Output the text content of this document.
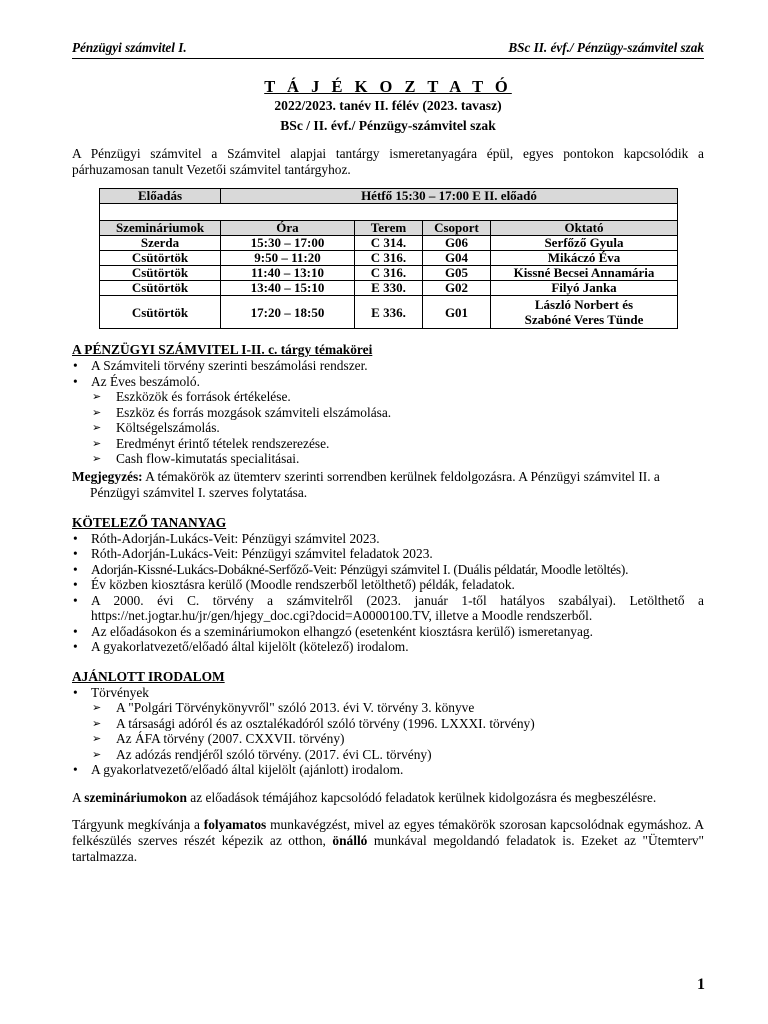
Pénzügyi számvitel I.	BSc II. évf./ Pénzügy-számvitel szak
T Á J É K O Z T A T Ó
2022/2023. tanév II. félév (2023. tavasz)
BSc / II. évf./ Pénzügy-számvitel szak

A Pénzügyi számvitel a Számvitel alapjai tantárgy ismeretanyagára épül, egyes pontokon kapcsolódik a párhuzamosan tanult Vezetői számvitel tantárgyhoz.

Előadás	Hétfő 15:30 – 17:00 E II. előadó			

Szemináriumok	Óra	Terem	Csoport	Oktató
Szerda	15:30 – 17:00	C 314.	G06	Serfőző Gyula
Csütörtök	9:50 – 11:20	C 316.	G04	Mikáczó Éva
Csütörtök	11:40 – 13:10	C 316.	G05	Kissné Becsei Annamária
Csütörtök	13:40 – 15:10	E 330.	G02	Filyó Janka
Csütörtök	17:20 – 18:50	E 336.	G01	László Norbert és
Szabóné Veres Tünde
A PÉNZÜGYI SZÁMVITEL I-II. c. tárgy témakörei
• A Számviteli törvény szerinti beszámolási rendszer.
• Az Éves beszámoló.
➢ Eszközök és források értékelése.
➢ Eszköz és forrás mozgások számviteli elszámolása.
➢ Költségelszámolás.
➢ Eredményt érintő tételek rendszerezése.
➢ Cash flow-kimutatás specialitásai.
Megjegyzés: A témakörök az ütemterv szerinti sorrendben kerülnek feldolgozásra. A Pénzügyi számvitel II. a
Pénzügyi számvitel I. szerves folytatása.
KÖTELEZŐ TANANYAG
• Róth-Adorján-Lukács-Veit: Pénzügyi számvitel 2023.
• Róth-Adorján-Lukács-Veit: Pénzügyi számvitel feladatok 2023.
• Adorján-Kissné-Lukács-Dobákné-Serfőző-Veit: Pénzügyi számvitel I. (Duális példatár, Moodle letöltés).
• Év közben kiosztásra kerülő (Moodle rendszerből letölthető) példák, feladatok.
• A 2000. évi C. törvény a számvitelről (2023. január 1-től hatályos szabályai). Letölthető a https://net.jogtar.hu/jr/gen/hjegy_doc.cgi?docid=A0000100.TV, illetve a Moodle rendszerből.
• Az előadásokon és a szemináriumokon elhangzó (esetenként kiosztásra kerülő) ismeretanyag.
• A gyakorlatvezető/előadó által kijelölt (kötelező) irodalom.
AJÁNLOTT IRODALOM
• Törvények
➢ A "Polgári Törvénykönyvről" szóló 2013. évi V. törvény 3. könyve
➢ A társasági adóról és az osztalékadóról szóló törvény (1996. LXXXI. törvény)
➢ Az ÁFA törvény (2007. CXXVII. törvény)
➢ Az adózás rendjéről szóló törvény. (2017. évi CL. törvény)
• A gyakorlatvezető/előadó által kijelölt (ajánlott) irodalom.

A szemináriumokon az előadások témájához kapcsolódó feladatok kerülnek kidolgozásra és megbeszélésre.

Tárgyunk megkívánja a folyamatos munkavégzést, mivel az egyes témakörök szorosan kapcsolódnak egymáshoz. A felkészülés szerves részét képezik az otthon, önálló munkával megoldandó feladatok is. Ezeket az "Ütemterv" tartalmazza.

1
